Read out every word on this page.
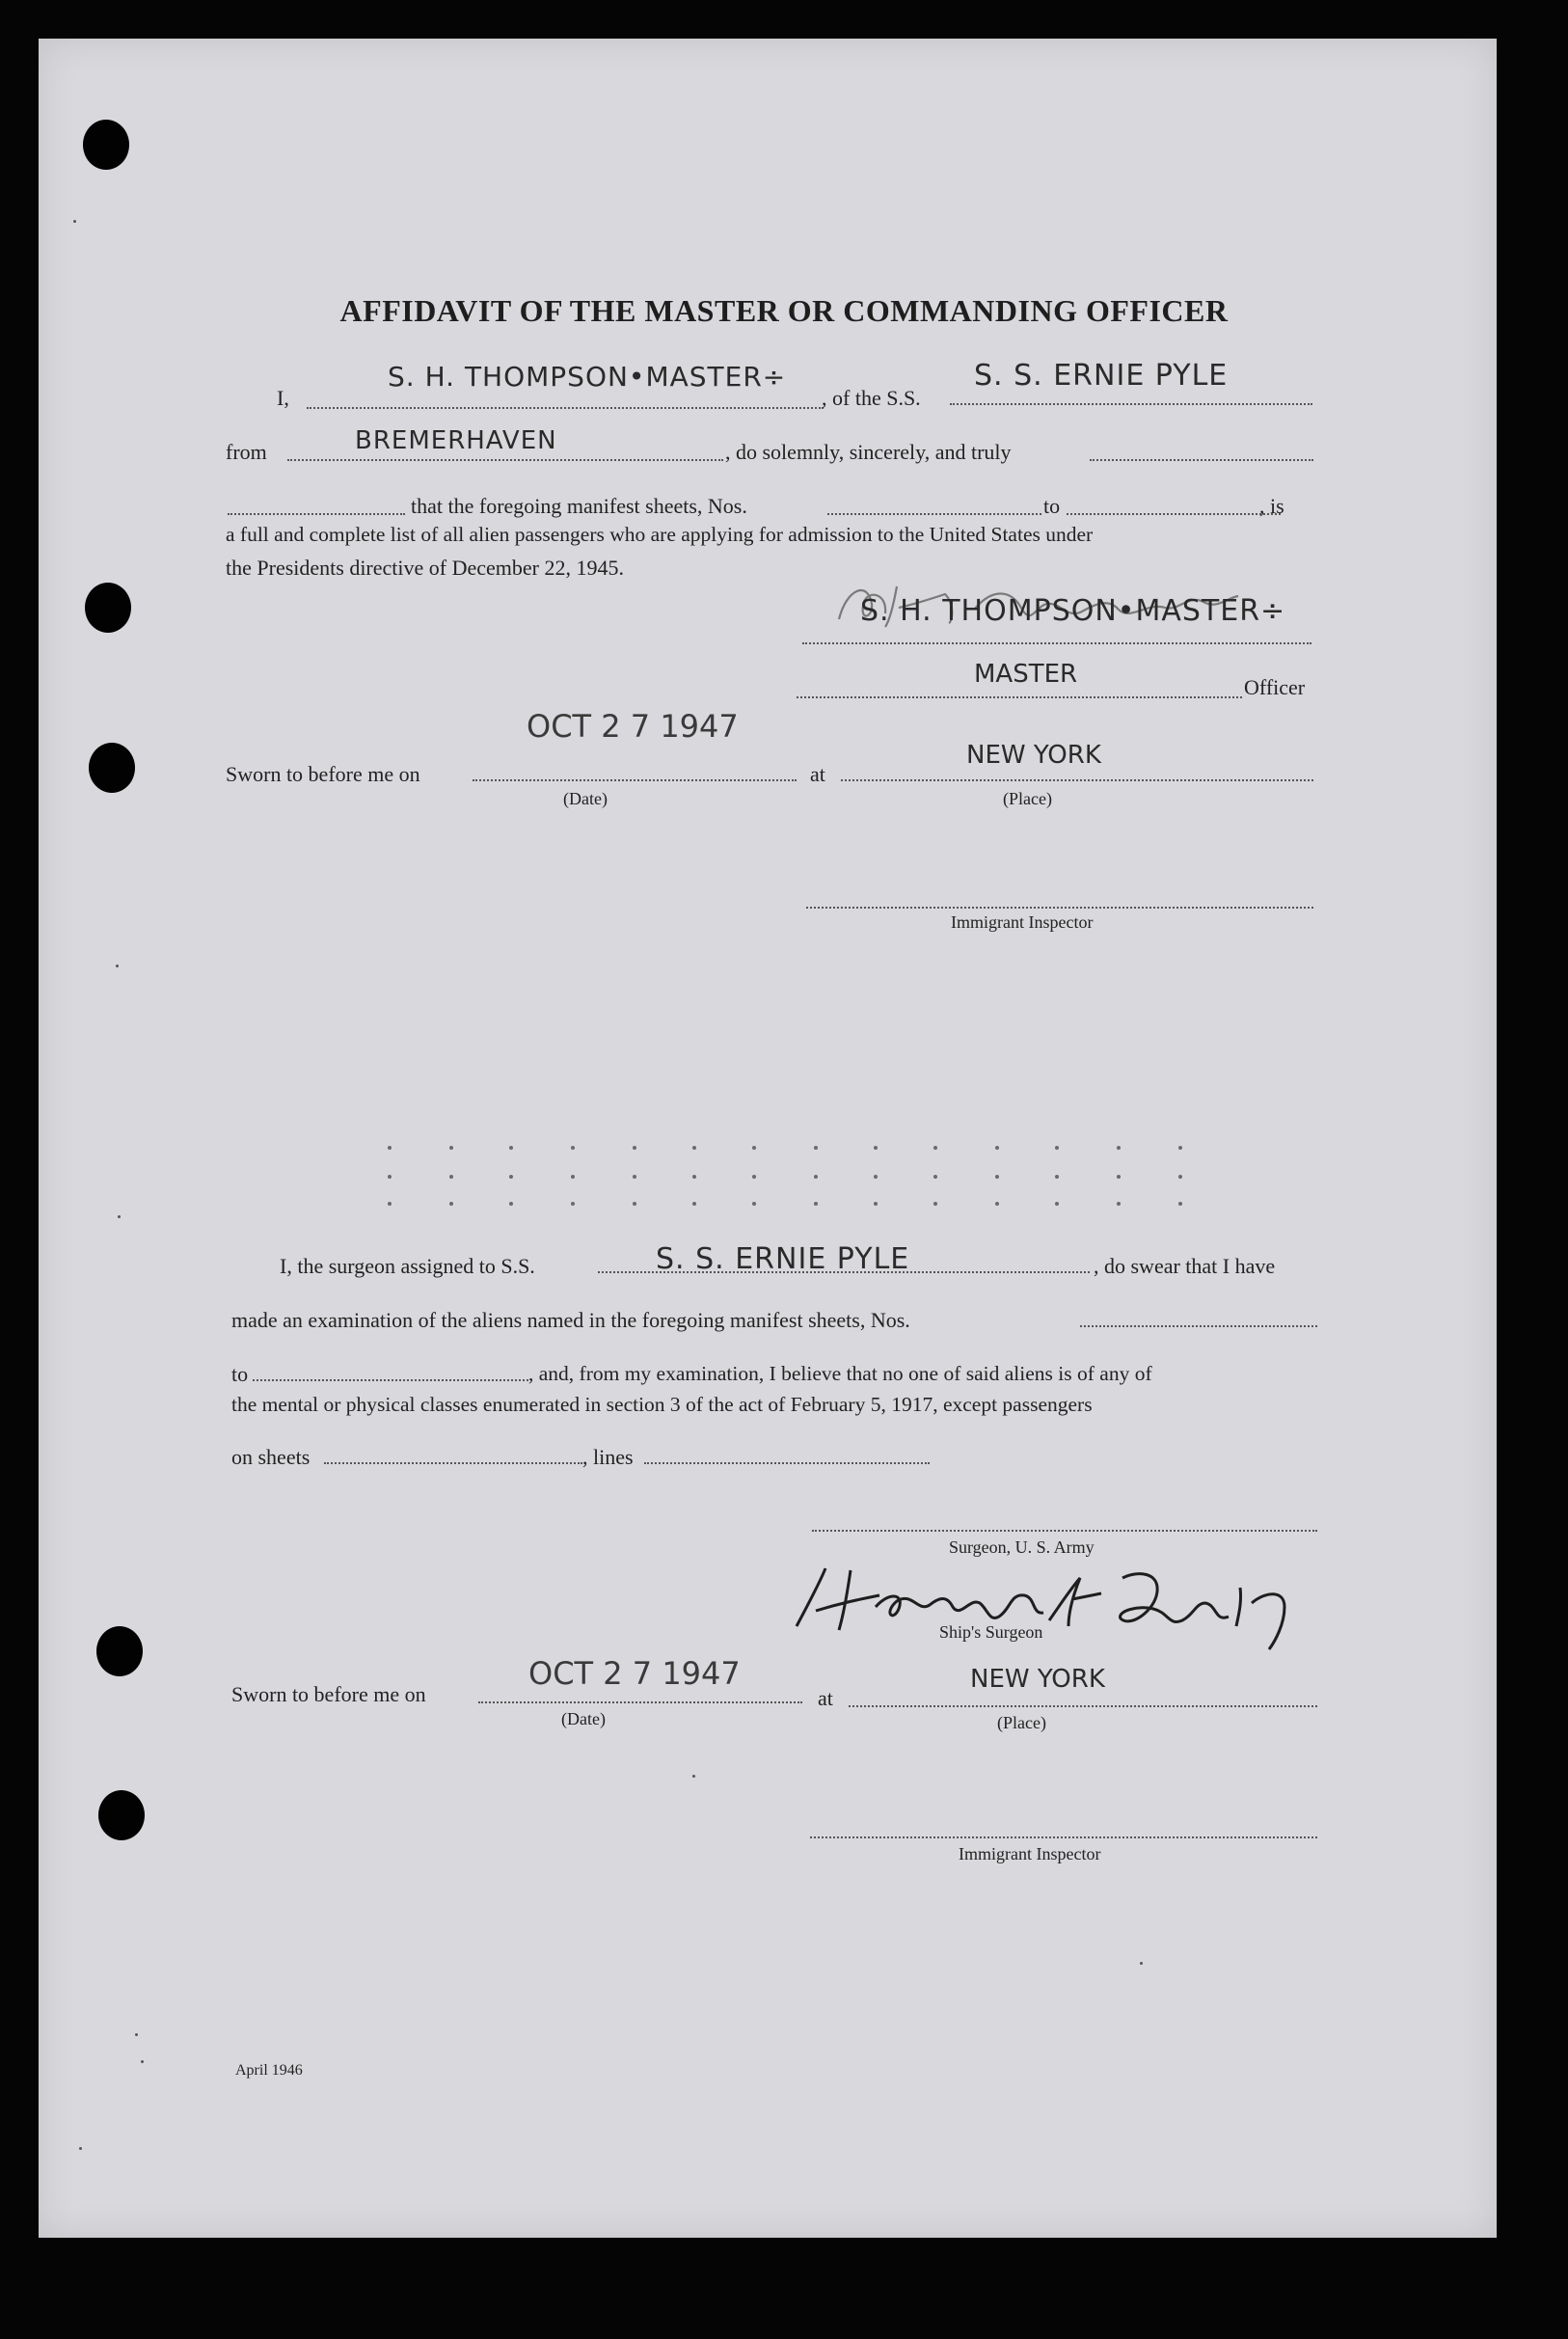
AFFIDAVIT OF THE MASTER OR COMMANDING OFFICER
I,
S. H. THOMPSON•MASTER÷
, of the S.S.
S. S. ERNIE PYLE
from	BREMERHAVEN	, do solemnly, sincerely, and truly
that the foregoing manifest sheets, Nos.	to	, is
a full and complete list of all alien passengers who are applying for admission to the United States under
the Presidents directive of December 22, 1945.
S. H. THOMPSON•MASTER÷
MASTER	Officer
OCT 2 7 1947
Sworn to before me on	at
NEW YORK
(Date)	(Place)
Immigrant Inspector
I, the surgeon assigned to S.S.	S. S. ERNIE PYLE	, do swear that I have
made an examination of the aliens named in the foregoing manifest sheets, Nos.
to	, and, from my examination, I believe that no one of said aliens is of any of
the mental or physical classes enumerated in section 3 of the act of February 5, 1917, except passengers
on sheets	, lines
Surgeon, U. S. Army
Ship's Surgeon
OCT 2 7 1947
Sworn to before me on	at
NEW YORK
(Date)	(Place)
Immigrant Inspector
April 1946
